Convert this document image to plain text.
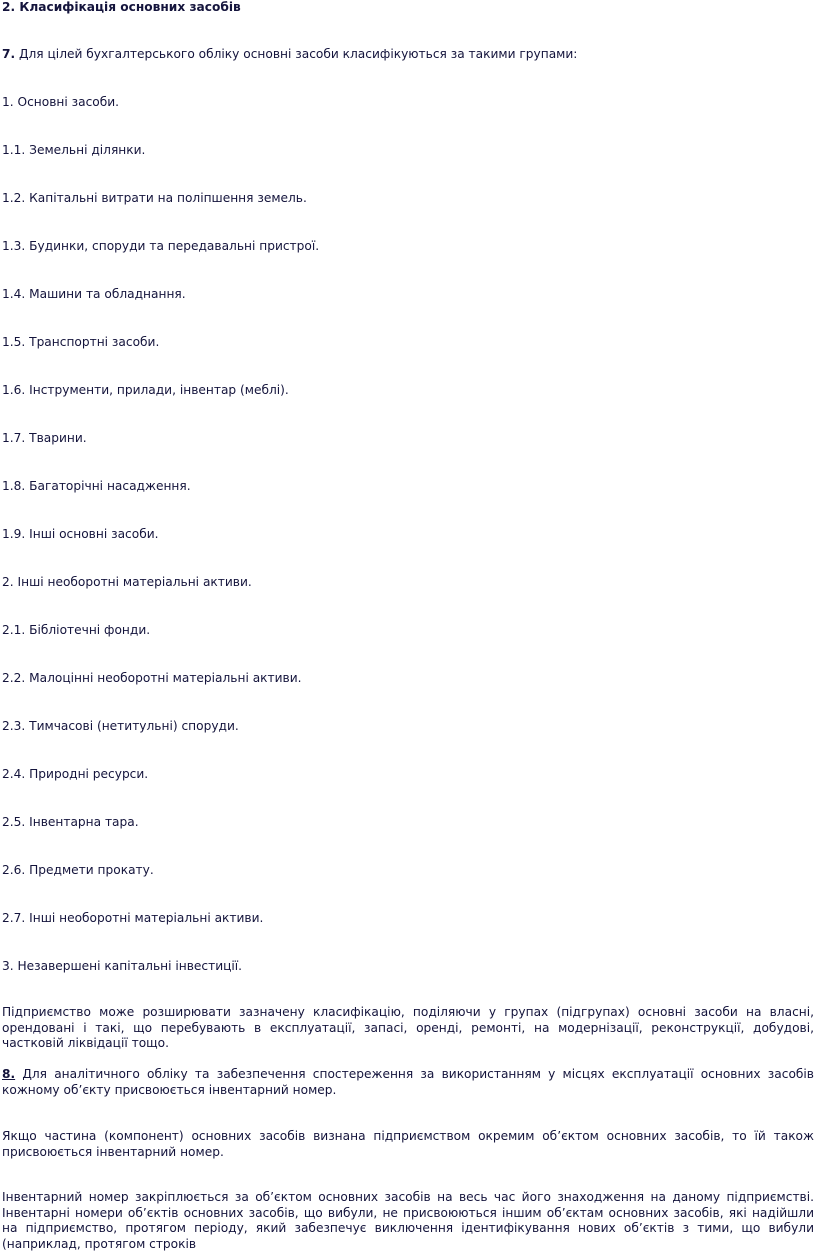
2. Класифікація основних засобів
7. Для цілей бухгалтерського обліку основні засоби класифікуються за такими групами:
1. Основні засоби.
1.1. Земельні ділянки.
1.2. Капітальні витрати на поліпшення земель.
1.3. Будинки, споруди та передавальні пристрої.
1.4. Машини та обладнання.
1.5. Транспортні засоби.
1.6. Інструменти, прилади, інвентар (меблі).
1.7. Тварини.
1.8. Багаторічні насадження.
1.9. Інші основні засоби.
2. Інші необоротні матеріальні активи.
2.1. Бібліотечні фонди.
2.2. Малоцінні необоротні матеріальні активи.
2.3. Тимчасові (нетитульні) споруди.
2.4. Природні ресурси.
2.5. Інвентарна тара.
2.6. Предмети прокату.
2.7. Інші необоротні матеріальні активи.
3. Незавершені капітальні інвестиції.
Підприємство може розширювати зазначену класифікацію, поділяючи у групах (підгрупах) основні засоби на власні, орендовані і такі, що перебувають в експлуатації, запасі, оренді, ремонті, на модернізації, реконструкції, добудові, частковій ліквідації тощо.
8. Для аналітичного обліку та забезпечення спостереження за використанням у місцях експлуатації основних засобів кожному об’єкту присвоюється інвентарний номер.
Якщо частина (компонент) основних засобів визнана підприємством окремим об’єктом основних засобів, то їй також присвоюється інвентарний номер.
Інвентарний номер закріплюється за об’єктом основних засобів на весь час його знаходження на даному підприємстві. Інвентарні номери об’єктів основних засобів, що вибули, не присвоюються іншим об’єктам основних засобів, які надійшли на підприємство, протягом періоду, який забезпечує виключення ідентифікування нових об’єктів з тими, що вибули (наприклад, протягом строків
